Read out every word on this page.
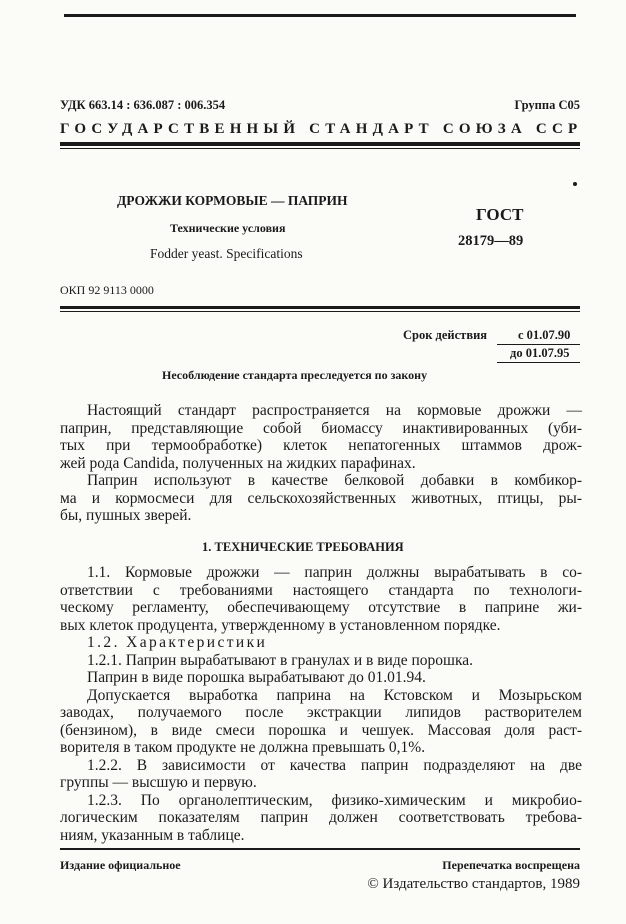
УДК 663.14 : 636.087 : 006.354	Группа С05
ГОСУДАРСТВЕННЫЙ СТАНДАРТ СОЮЗА ССР
ДРОЖЖИ КОРМОВЫЕ — ПАПРИН
Технические условия
Fodder yeast. Specifications
ГОСТ
28179—89
ОКП 92 9113 0000
Срок действия с 01.07.90
до 01.07.95
Несоблюдение стандарта преследуется по закону
Настоящий стандарт распространяется на кормовые дрожжи —
паприн, представляющие собой биомассу инактивированных (уби-
тых при термообработке) клеток непатогенных штаммов дрож-
жей рода Candida, полученных на жидких парафинах.
Паприн используют в качестве белковой добавки в комбикор-
ма и кормосмеси для сельскохозяйственных животных, птицы, ры-
бы, пушных зверей.
1. ТЕХНИЧЕСКИЕ ТРЕБОВАНИЯ
1.1. Кормовые дрожжи — паприн должны вырабатывать в со-
ответствии с требованиями настоящего стандарта по технологи-
ческому регламенту, обеспечивающему отсутствие в паприне жи-
вых клеток продуцента, утвержденному в установленном порядке.
1.2. Характеристики
1.2.1. Паприн вырабатывают в гранулах и в виде порошка.
Паприн в виде порошка вырабатывают до 01.01.94.
Допускается выработка паприна на Кстовском и Мозырьском
заводах, получаемого после экстракции липидов растворителем
(бензином), в виде смеси порошка и чешуек. Массовая доля раст-
ворителя в таком продукте не должна превышать 0,1%.
1.2.2. В зависимости от качества паприн подразделяют на две
группы — высшую и первую.
1.2.3. По органолептическим, физико-химическим и микробио-
логическим показателям паприн должен соответствовать требова-
ниям, указанным в таблице.
Издание официальное	Перепечатка воспрещена
© Издательство стандартов, 1989
